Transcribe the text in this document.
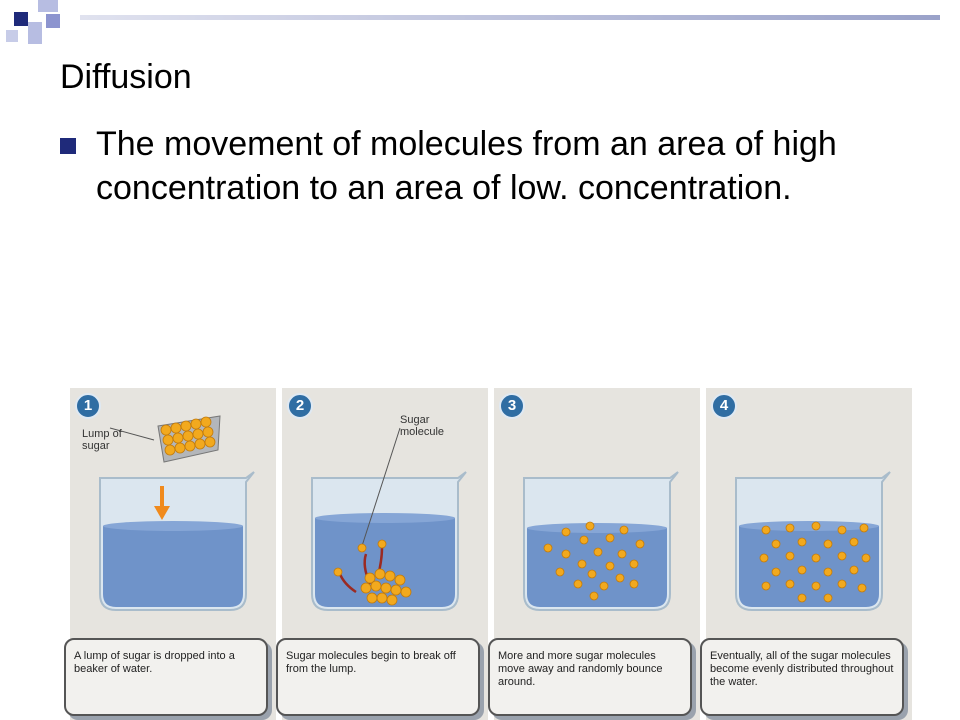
Diffusion
The movement of molecules from an area of high concentration to an area of low. concentration.
1
Lump of
sugar
A lump of sugar is dropped into a beaker of water.
2
Sugar
molecule
Sugar molecules begin to break off from the lump.
3
More and more sugar molecules move away and randomly bounce around.
4
Eventually, all of the sugar molecules become evenly distributed throughout the water.
